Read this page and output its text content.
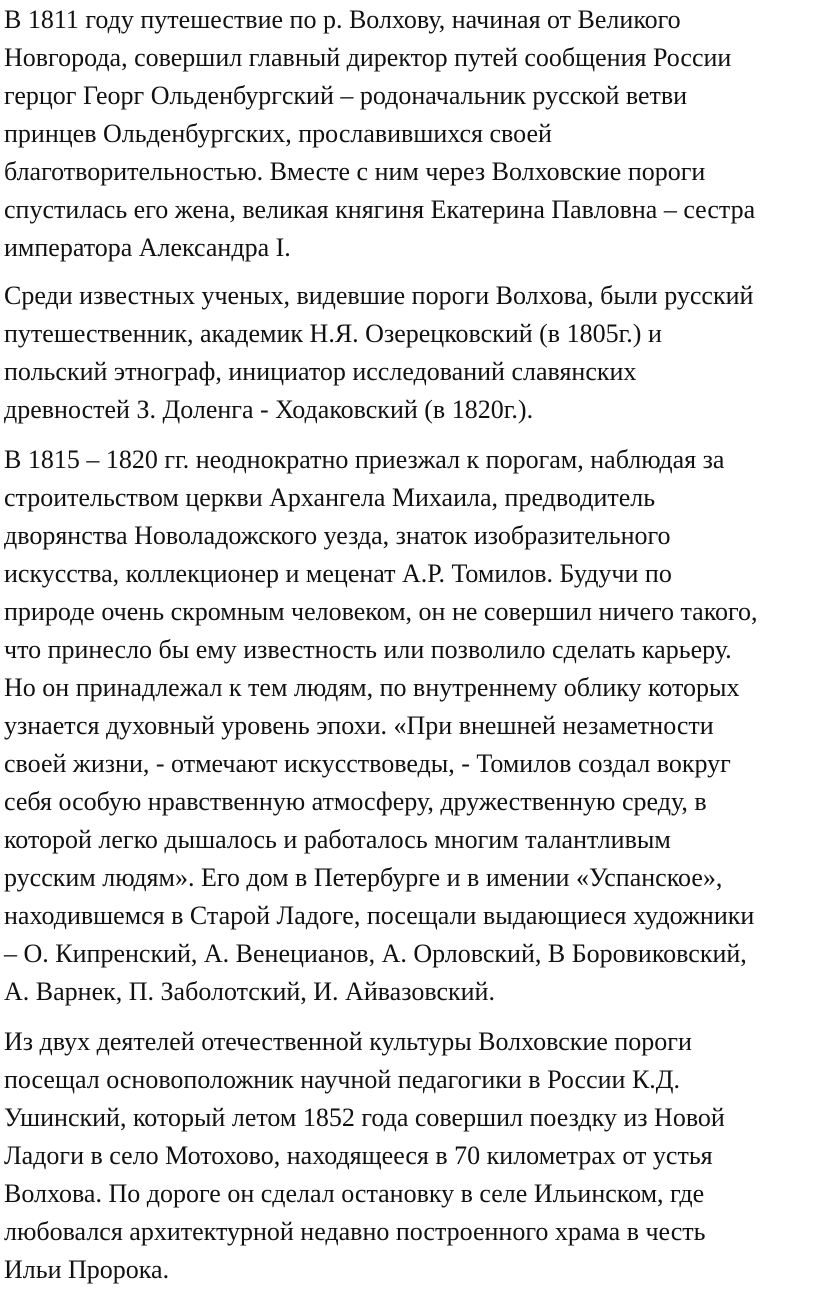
В 1811 году путешествие по р. Волхову, начиная от Великого
Новгорода, совершил главный директор путей сообщения России
герцог Георг Ольденбургский – родоначальник русской ветви
принцев Ольденбургских, прославившихся своей
благотворительностью. Вместе с ним через Волховские пороги
спустилась его жена, великая княгиня Екатерина Павловна – сестра
императора Александра I.

Среди известных ученых, видевшие пороги Волхова, были русский
путешественник, академик Н.Я. Озерецковский (в 1805г.) и
польский этнограф, инициатор исследований славянских
древностей З. Доленга - Ходаковский (в 1820г.).

В 1815 – 1820 гг. неоднократно приезжал к порогам, наблюдая за
строительством церкви Архангела Михаила, предводитель
дворянства Новоладожского уезда, знаток изобразительного
искусства, коллекционер и меценат А.Р. Томилов. Будучи по
природе очень скромным человеком, он не совершил ничего такого,
что принесло бы ему известность или позволило сделать карьеру.
Но он принадлежал к тем людям, по внутреннему облику которых
узнается духовный уровень эпохи. «При внешней незаметности
своей жизни, - отмечают искусствоведы, - Томилов создал вокруг
себя особую нравственную атмосферу, дружественную среду, в
которой легко дышалось и работалось многим талантливым
русским людям». Его дом в Петербурге и в имении «Успанское»,
находившемся в Старой Ладоге, посещали выдающиеся художники
– О. Кипренский, А. Венецианов, А. Орловский, В Боровиковский,
А. Варнек, П. Заболотский, И. Айвазовский.

Из двух деятелей отечественной культуры Волховские пороги
посещал основоположник научной педагогики в России К.Д.
Ушинский, который летом 1852 года совершил поездку из Новой
Ладоги в село Мотохово, находящееся в 70 километрах от устья
Волхова. По дороге он сделал остановку в селе Ильинском, где
любовался архитектурной недавно построенного храма в честь
Ильи Пророка.
